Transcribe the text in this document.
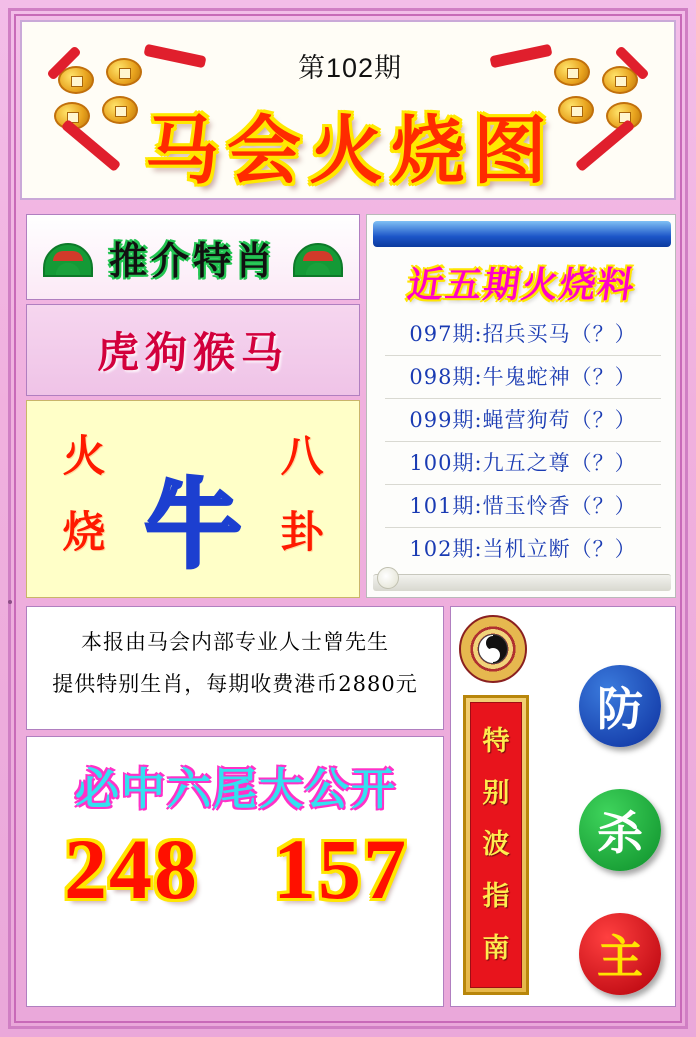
第102期
马会火烧图
推介特肖
虎狗猴马
火
烧 牛
八
卦
近五期火烧料
097期:招兵买马（？）
098期:牛鬼蛇神（？）
099期:蝇营狗苟（？）
100期:九五之尊（？）
101期:惜玉怜香（？）
102期:当机立断（？）
本报由马会内部专业人士曾先生
提供特别生肖，每期收费港币2880元
必中六尾大公开
248 157
特
别
波
指
南
防
杀
主
